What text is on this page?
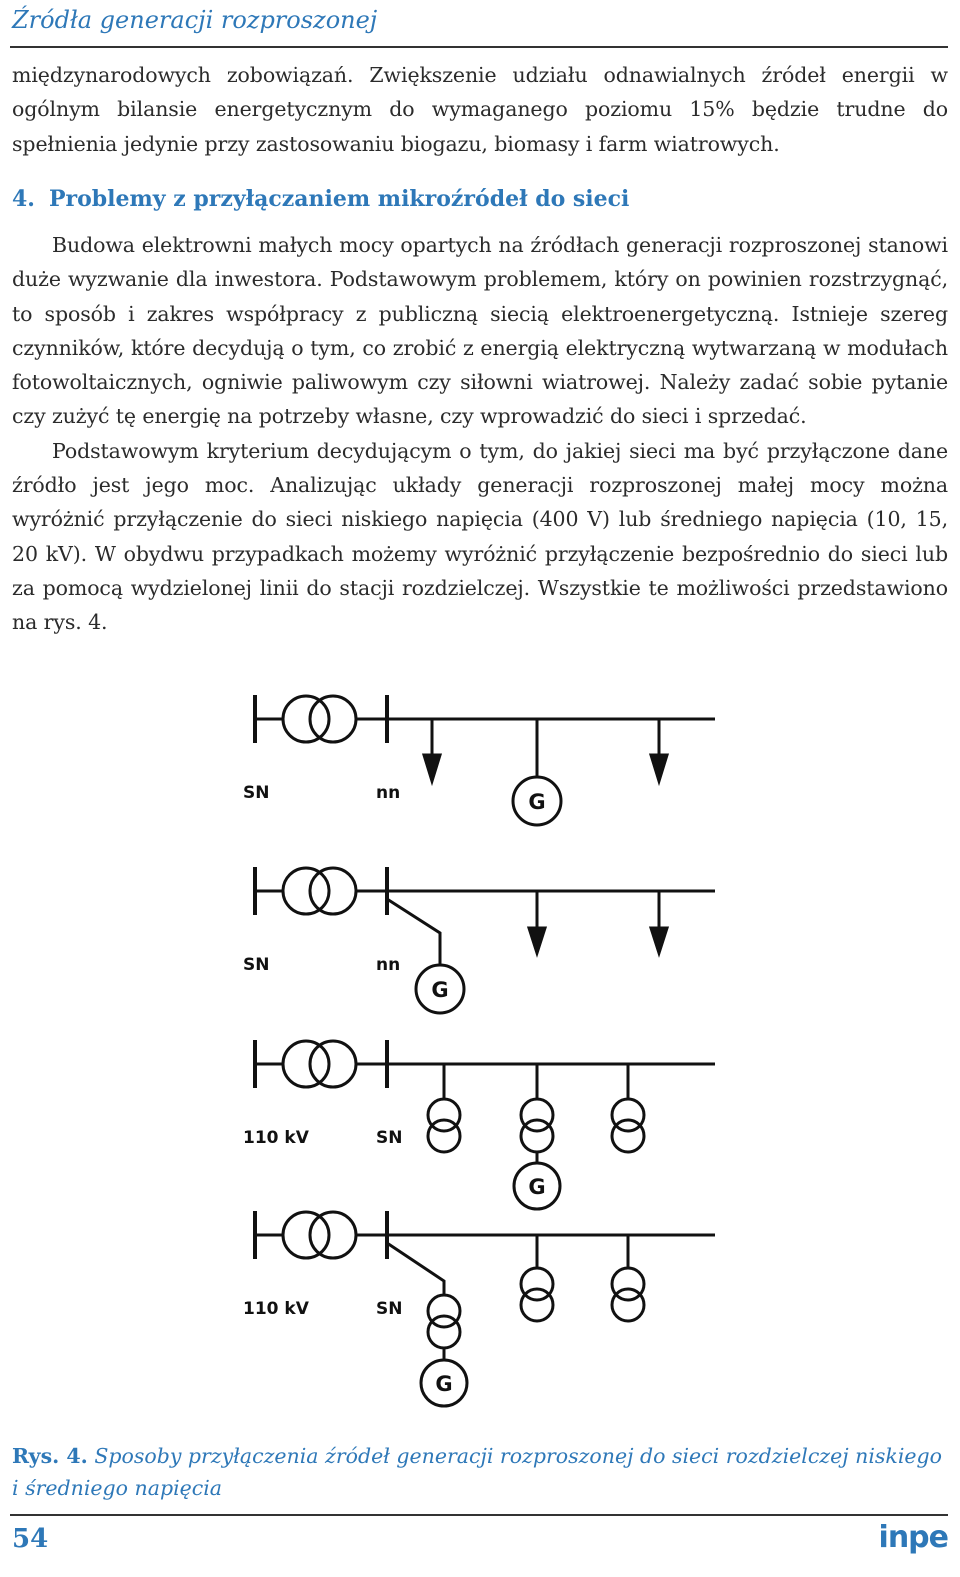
Źródła generacji rozproszonej

międzynarodowych zobowiązań. Zwiększenie udziału odnawialnych źródeł energii w ogólnym bilansie energetycznym do wymaganego poziomu 15% będzie trudne do spełnienia jedynie przy zastosowaniu biogazu, biomasy i farm wiatrowych.

4. Problemy z przyłączaniem mikroźródeł do sieci

Budowa elektrowni małych mocy opartych na źródłach generacji rozproszonej stanowi duże wyzwanie dla inwestora. Podstawowym problemem, który on powinien rozstrzygnąć, to sposób i zakres współpracy z publiczną siecią elektroenergetyczną. Istnieje szereg czynników, które decydują o tym, co zrobić z energią elektryczną wytwarzaną w modułach fotowoltaicznych, ogniwie paliwowym czy siłowni wiatrowej. Należy zadać sobie pytanie czy zużyć tę energię na potrzeby własne, czy wprowadzić do sieci i sprzedać.

Podstawowym kryterium decydującym o tym, do jakiej sieci ma być przyłączone dane źródło jest jego moc. Analizując układy generacji rozproszonej małej mocy można wyróżnić przyłączenie do sieci niskiego napięcia (400 V) lub średniego napięcia (10, 15, 20 kV). W obydwu przypadkach możemy wyróżnić przyłączenie bezpośrednio do sieci lub za pomocą wydzielonej linii do stacji rozdzielczej. Wszystkie te możliwości przedstawiono na rys. 4.

SN	nn	G
SN	nn
G
110 kV	SN
G
110 kV	SN
G
Rys. 4. Sposoby przyłączenia źródeł generacji rozproszonej do sieci rozdzielczej niskiego i średniego napięcia
54	inpe
